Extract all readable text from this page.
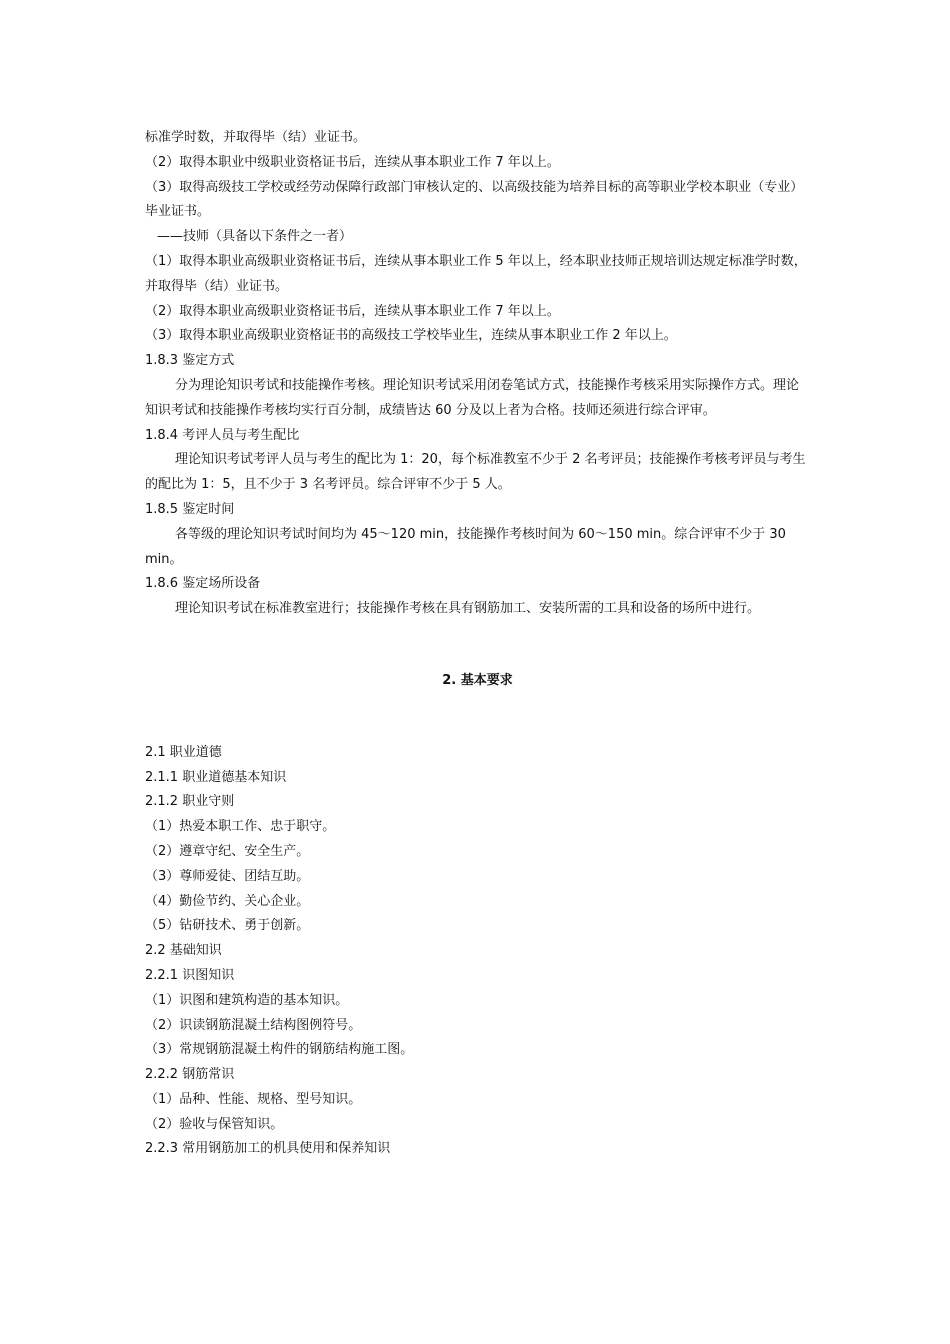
标准学时数，并取得毕（结）业证书。
（2）取得本职业中级职业资格证书后，连续从事本职业工作 7 年以上。
（3）取得高级技工学校或经劳动保障行政部门审核认定的、以高级技能为培养目标的高等职业学校本职业（专业）毕业证书。
——技师（具备以下条件之一者）
（1）取得本职业高级职业资格证书后，连续从事本职业工作 5 年以上，经本职业技师正规培训达规定标准学时数，并取得毕（结）业证书。
（2）取得本职业高级职业资格证书后，连续从事本职业工作 7 年以上。
（3）取得本职业高级职业资格证书的高级技工学校毕业生，连续从事本职业工作 2 年以上。
1.8.3 鉴定方式
分为理论知识考试和技能操作考核。理论知识考试采用闭卷笔试方式，技能操作考核采用实际操作方式。理论知识考试和技能操作考核均实行百分制，成绩皆达 60 分及以上者为合格。技师还须进行综合评审。
1.8.4 考评人员与考生配比
理论知识考试考评人员与考生的配比为 1：20，每个标准教室不少于 2 名考评员；技能操作考核考评员与考生的配比为 1：5，且不少于 3 名考评员。综合评审不少于 5 人。
1.8.5 鉴定时间
各等级的理论知识考试时间均为 45～120 min，技能操作考核时间为 60～150 min。综合评审不少于 30 min。
1.8.6 鉴定场所设备
理论知识考试在标准教室进行；技能操作考核在具有钢筋加工、安装所需的工具和设备的场所中进行。
2. 基本要求
2.1 职业道德
2.1.1 职业道德基本知识
2.1.2 职业守则
（1）热爱本职工作、忠于职守。
（2）遵章守纪、安全生产。
（3）尊师爱徒、团结互助。
（4）勤俭节约、关心企业。
（5）钻研技术、勇于创新。
2.2 基础知识
2.2.1 识图知识
（1）识图和建筑构造的基本知识。
（2）识读钢筋混凝土结构图例符号。
（3）常规钢筋混凝土构件的钢筋结构施工图。
2.2.2 钢筋常识
（1）品种、性能、规格、型号知识。
（2）验收与保管知识。
2.2.3 常用钢筋加工的机具使用和保养知识
